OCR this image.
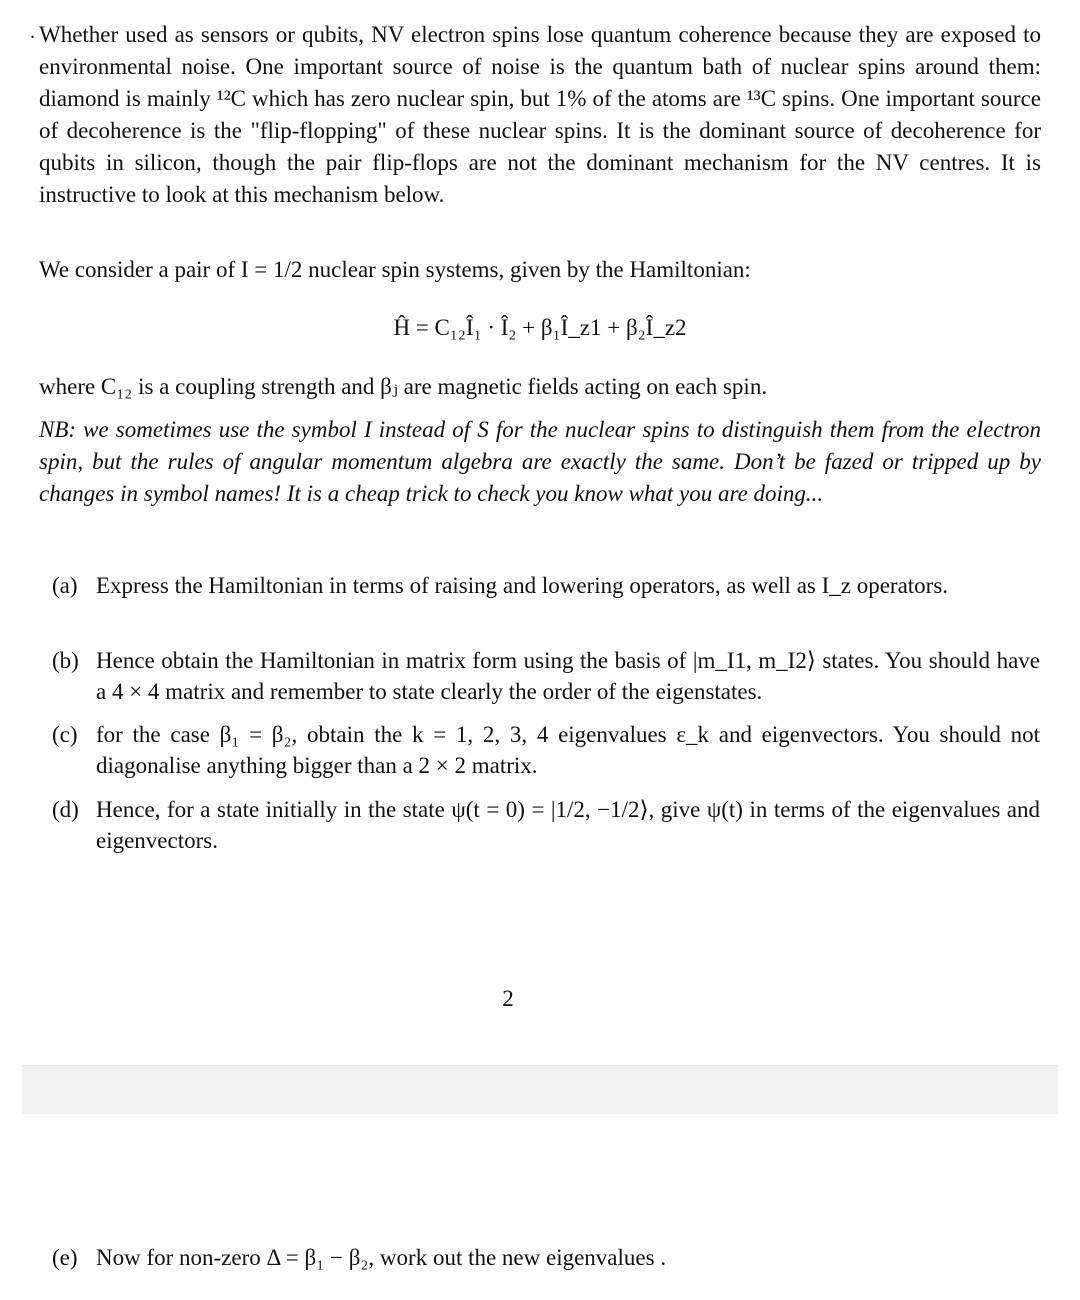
. Whether used as sensors or qubits, NV electron spins lose quantum coherence because they are exposed to environmental noise. One important source of noise is the quantum bath of nuclear spins around them: diamond is mainly ¹²C which has zero nuclear spin, but 1% of the atoms are ¹³C spins. One important source of decoherence is the "flip-flopping" of these nuclear spins. It is the dominant source of decoherence for qubits in silicon, though the pair flip-flops are not the dominant mechanism for the NV centres. It is instructive to look at this mechanism below.
We consider a pair of I = 1/2 nuclear spin systems, given by the Hamiltonian:
Ĥ = C₁₂Î₁ · Î₂ + β₁Î_z1 + β₂Î_z2
where C₁₂ is a coupling strength and βⱼ are magnetic fields acting on each spin.
NB: we sometimes use the symbol I instead of S for the nuclear spins to distinguish them from the electron spin, but the rules of angular momentum algebra are exactly the same. Don’t be fazed or tripped up by changes in symbol names! It is a cheap trick to check you know what you are doing...
(a) Express the Hamiltonian in terms of raising and lowering operators, as well as I_z operators.
(b) Hence obtain the Hamiltonian in matrix form using the basis of |m_I1, m_I2⟩ states. You should have a 4 × 4 matrix and remember to state clearly the order of the eigenstates.
(c) for the case β₁ = β₂, obtain the k = 1, 2, 3, 4 eigenvalues ε_k and eigenvectors. You should not diagonalise anything bigger than a 2 × 2 matrix.
(d) Hence, for a state initially in the state ψ(t = 0) = |1/2, −1/2⟩, give ψ(t) in terms of the eigenvalues and eigenvectors.
2
(e) Now for non-zero Δ = β₁ − β₂, work out the new eigenvalues .
